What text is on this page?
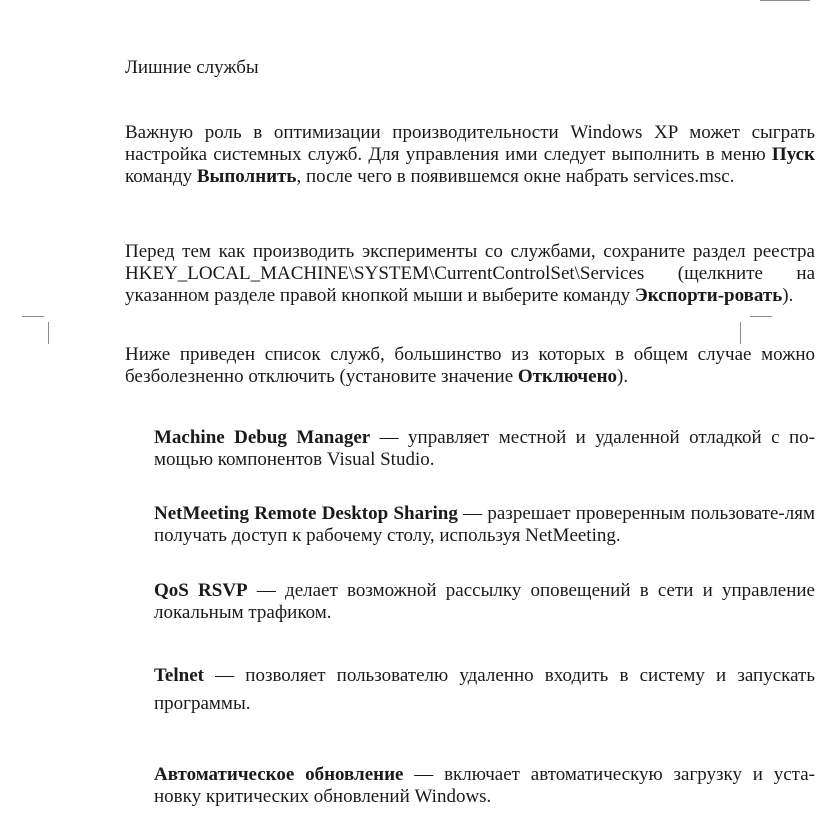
Лишние службы

Важную роль в оптимизации производительности Windows XP может сыграть настройка системных служб. Для управления ими следует выполнить в меню Пуск команду Выполнить, после чего в появившемся окне набрать services.msc.

Перед тем как производить эксперименты со службами, сохраните раздел реестра HKEY_LOCAL_MACHINE\SYSTEM\CurrentControlSet\Services (щелкните на указанном разделе правой кнопкой мыши и выберите команду Экспорти-ровать).

Ниже приведен список служб, большинство из которых в общем случае можно безболезненно отключить (установите значение Отключено).

Machine Debug Manager — управляет местной и удаленной отладкой с по-мощью компонентов Visual Studio.

NetMeeting Remote Desktop Sharing — разрешает проверенным пользовате-лям получать доступ к рабочему столу, используя NetMeeting.

QoS RSVP — делает возможной рассылку оповещений в сети и управление локальным трафиком.

Telnet — позволяет пользователю удаленно входить в систему и запускать программы.

Автоматическое обновление — включает автоматическую загрузку и уста-новку критических обновлений Windows.
